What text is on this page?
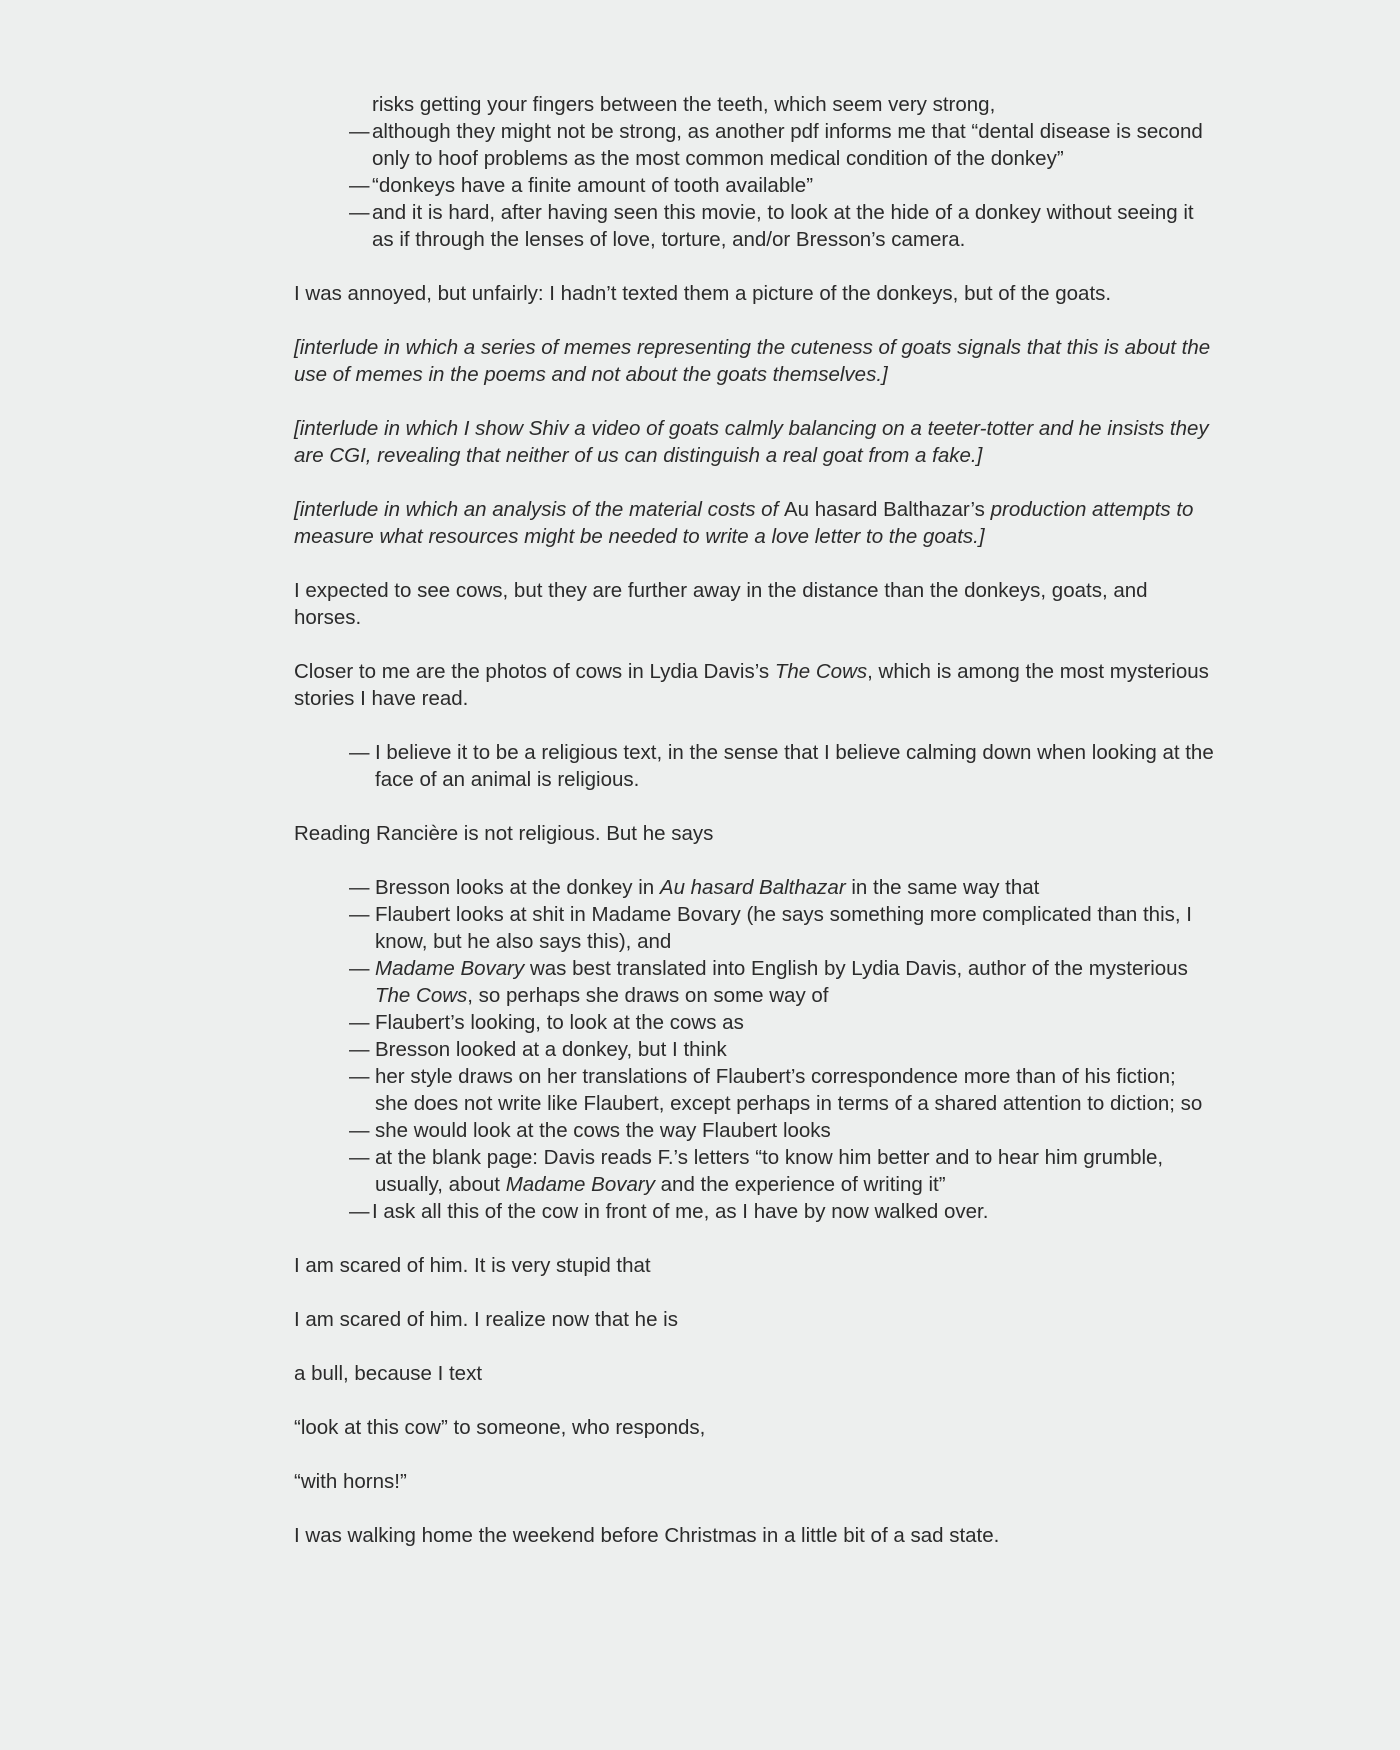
risks getting your fingers between the teeth, which seem very strong,
— although they might not be strong, as another pdf informs me that “dental disease is second only to hoof problems as the most common medical condition of the donkey”
— “donkeys have a finite amount of tooth available”
— and it is hard, after having seen this movie, to look at the hide of a donkey without seeing it as if through the lenses of love, torture, and/or Bresson’s camera.

I was annoyed, but unfairly: I hadn’t texted them a picture of the donkeys, but of the goats.

[interlude in which a series of memes representing the cuteness of goats signals that this is about the use of memes in the poems and not about the goats themselves.]

[interlude in which I show Shiv a video of goats calmly balancing on a teeter-totter and he insists they are CGI, revealing that neither of us can distinguish a real goat from a fake.]

[interlude in which an analysis of the material costs of Au hasard Balthazar’s production attempts to measure what resources might be needed to write a love letter to the goats.]

I expected to see cows, but they are further away in the distance than the donkeys, goats, and horses.

Closer to me are the photos of cows in Lydia Davis’s The Cows, which is among the most mysterious stories I have read.

— I believe it to be a religious text, in the sense that I believe calming down when looking at the face of an animal is religious.

Reading Rancière is not religious. But he says

— Bresson looks at the donkey in Au hasard Balthazar in the same way that
— Flaubert looks at shit in Madame Bovary (he says something more complicated than this, I know, but he also says this), and
— Madame Bovary was best translated into English by Lydia Davis, author of the mysterious The Cows, so perhaps she draws on some way of
— Flaubert’s looking, to look at the cows as
— Bresson looked at a donkey, but I think
— her style draws on her translations of Flaubert’s correspondence more than of his fiction; she does not write like Flaubert, except perhaps in terms of a shared attention to diction; so
— she would look at the cows the way Flaubert looks
— at the blank page: Davis reads F.’s letters “to know him better and to hear him grumble, usually, about Madame Bovary and the experience of writing it”
— I ask all this of the cow in front of me, as I have by now walked over.

I am scared of him. It is very stupid that

I am scared of him. I realize now that he is

a bull, because I text

“look at this cow” to someone, who responds,

“with horns!”

I was walking home the weekend before Christmas in a little bit of a sad state.
